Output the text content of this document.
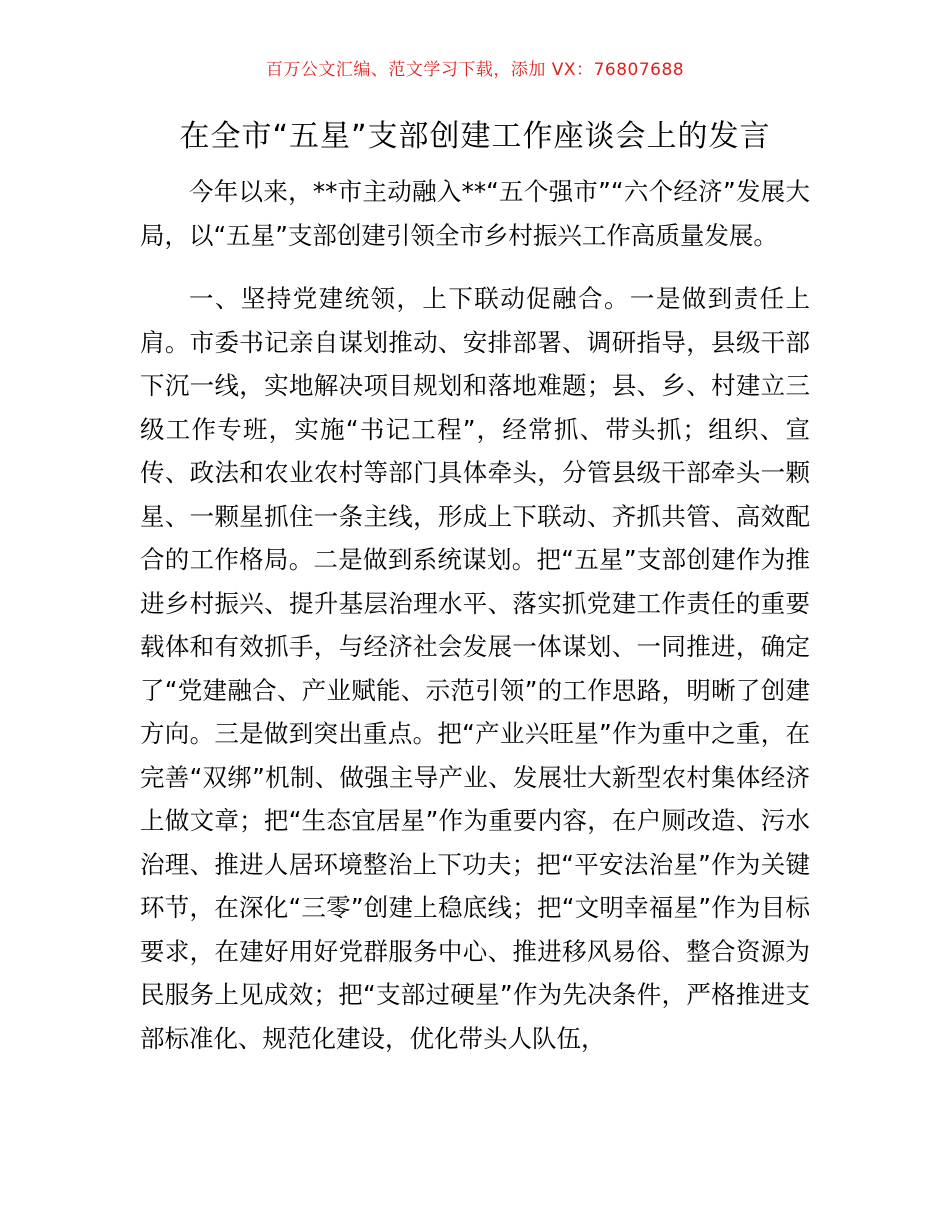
百万公文汇编、范文学习下载，添加 VX：76807688
在全市“五星”支部创建工作座谈会上的发言

今年以来，**市主动融入**“五个强市”“六个经济”发展大局，以“五星”支部创建引领全市乡村振兴工作高质量发展。

一、坚持党建统领，上下联动促融合。一是做到责任上肩。市委书记亲自谋划推动、安排部署、调研指导，县级干部下沉一线，实地解决项目规划和落地难题；县、乡、村建立三级工作专班，实施“书记工程”，经常抓、带头抓；组织、宣传、政法和农业农村等部门具体牵头，分管县级干部牵头一颗星、一颗星抓住一条主线，形成上下联动、齐抓共管、高效配合的工作格局。二是做到系统谋划。把“五星”支部创建作为推进乡村振兴、提升基层治理水平、落实抓党建工作责任的重要载体和有效抓手，与经济社会发展一体谋划、一同推进，确定了“党建融合、产业赋能、示范引领”的工作思路，明晰了创建方向。三是做到突出重点。把“产业兴旺星”作为重中之重，在完善“双绑”机制、做强主导产业、发展壮大新型农村集体经济上做文章；把“生态宜居星”作为重要内容，在户厕改造、污水治理、推进人居环境整治上下功夫；把“平安法治星”作为关键环节，在深化“三零”创建上稳底线；把“文明幸福星”作为目标要求，在建好用好党群服务中心、推进移风易俗、整合资源为民服务上见成效；把“支部过硬星”作为先决条件，严格推进支部标准化、规范化建设，优化带头人队伍，
